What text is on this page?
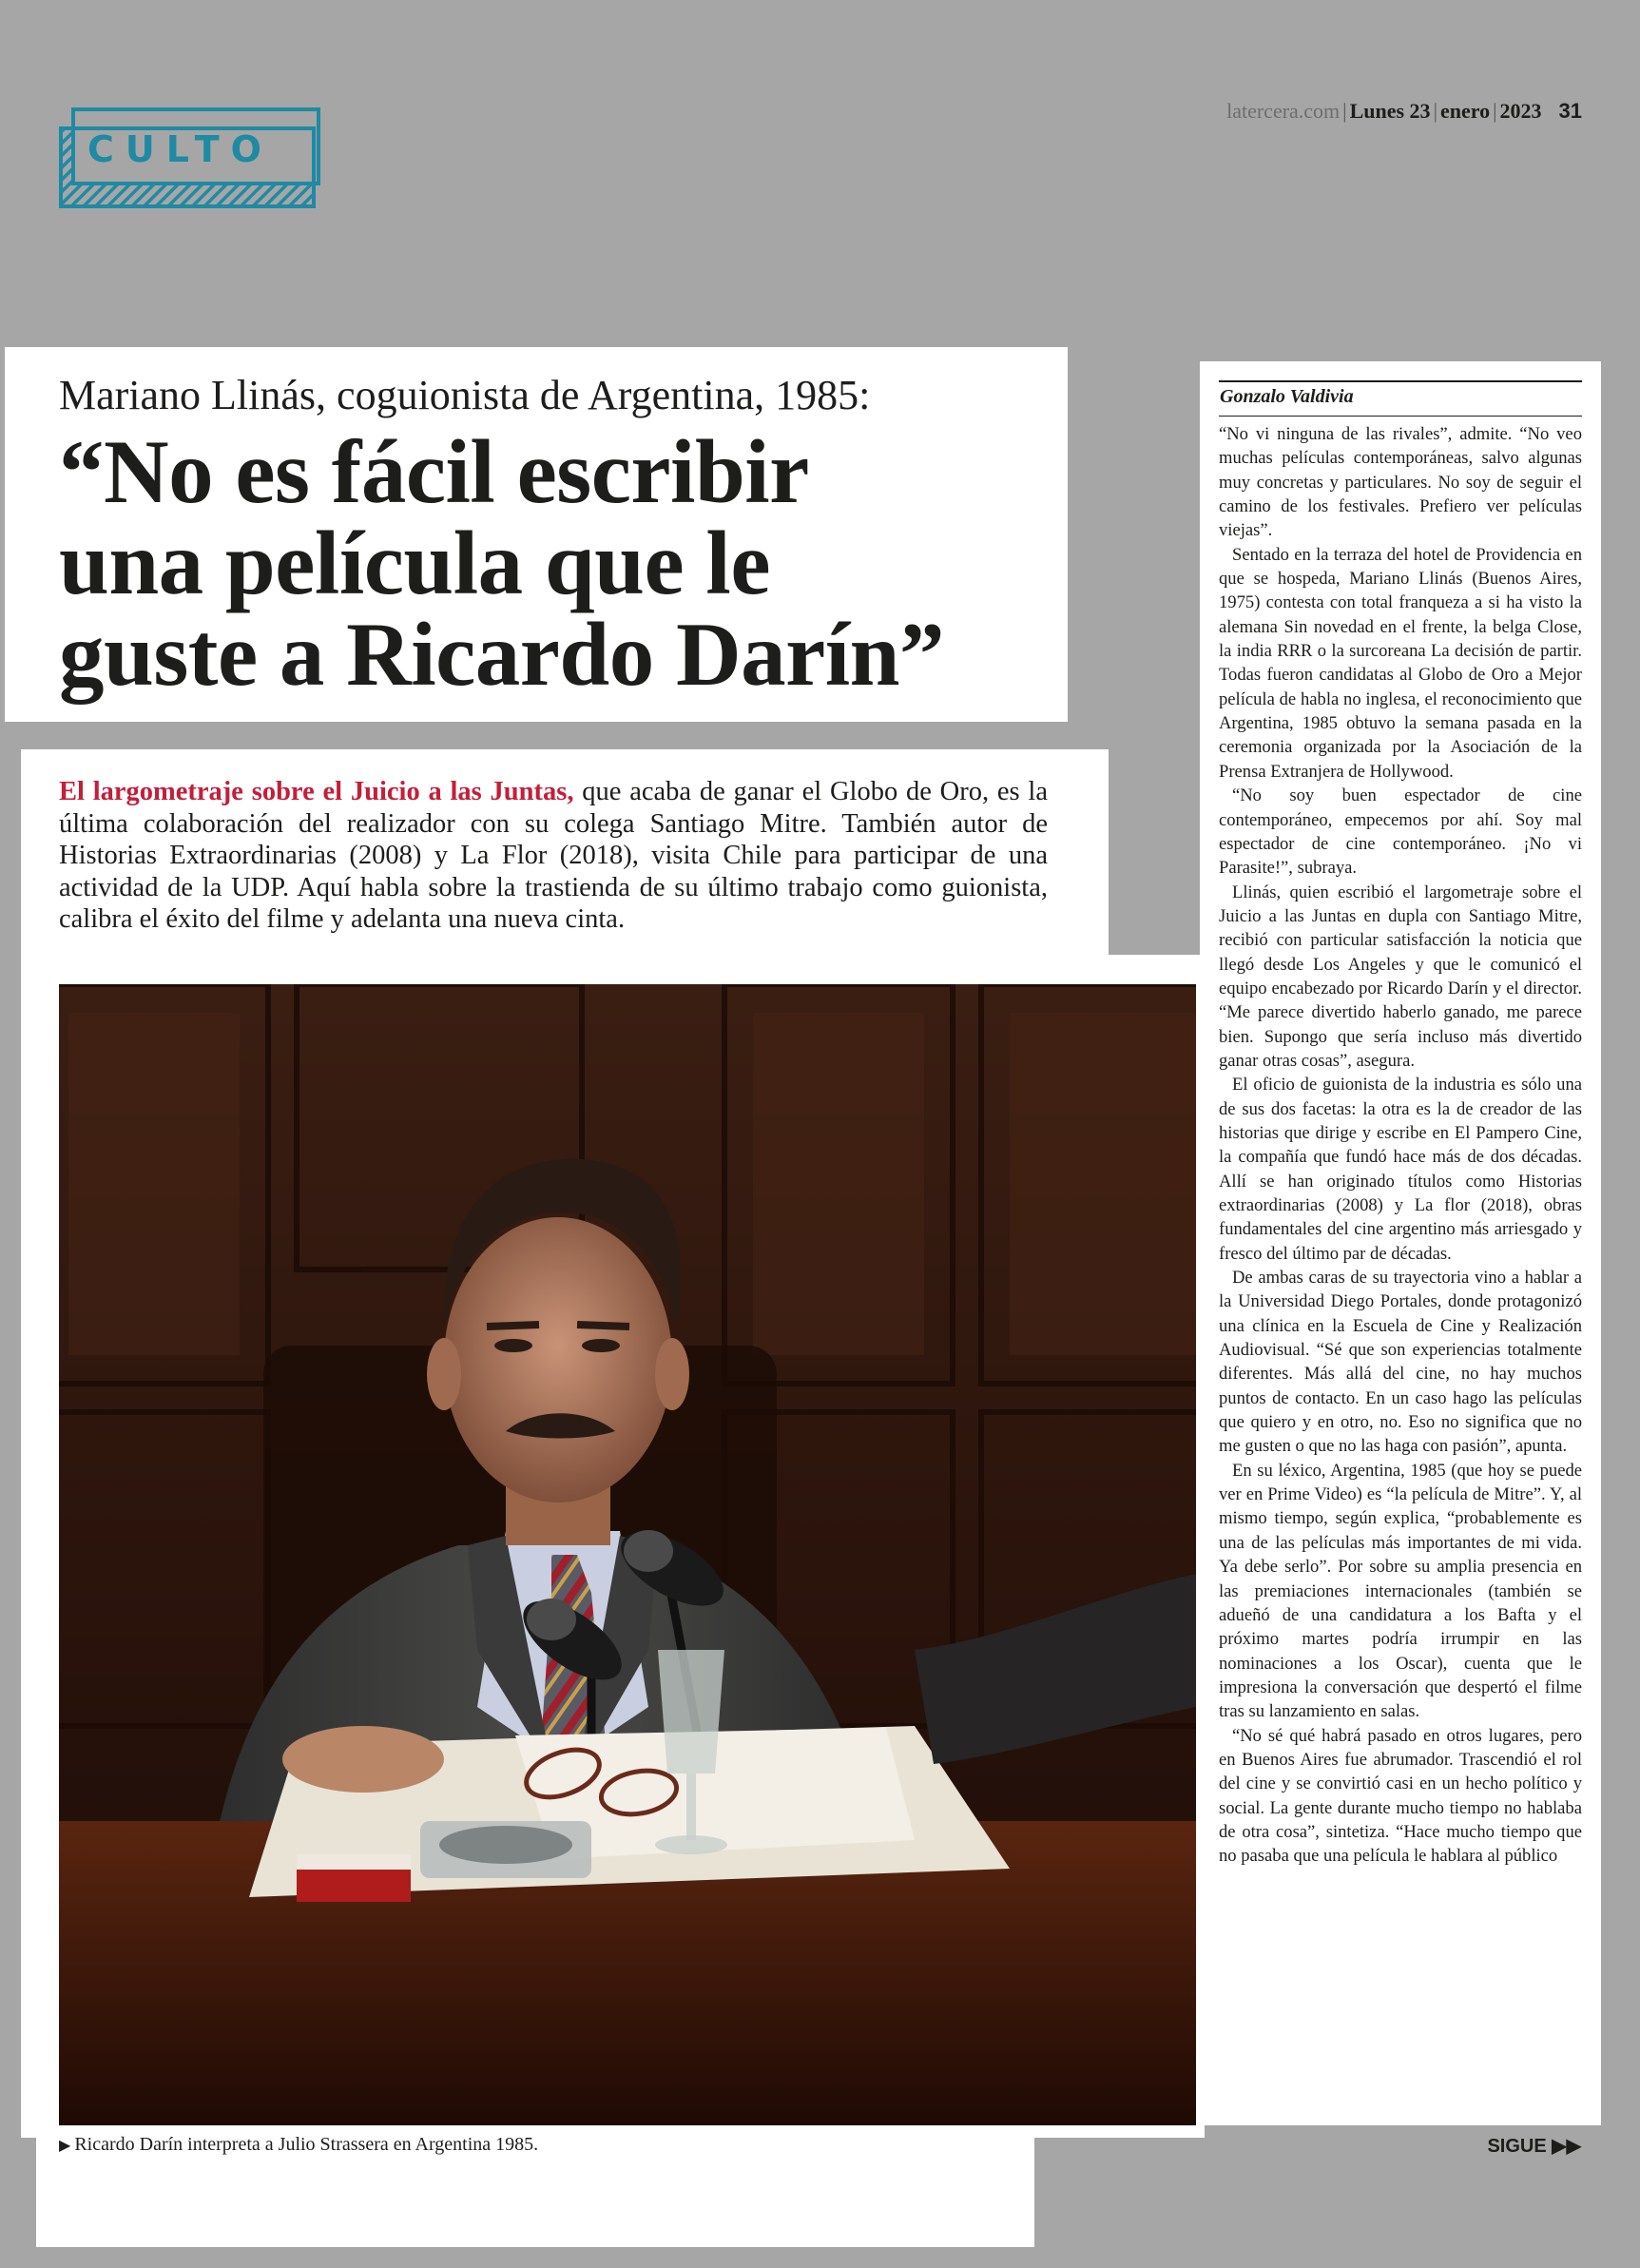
CULTO
latercera.com | Lunes 23 | enero | 2023 31
Mariano Llinás, coguionista de Argentina, 1985:
“No es fácil escribir
una película que le
guste a Ricardo Darín”

El largometraje sobre el Juicio a las Juntas, que acaba de ganar el Globo de Oro, es la última colaboración del realizador con su colega Santiago Mitre. También autor de Historias Extraordinarias (2008) y La Flor (2018), visita Chile para participar de una actividad de la UDP. Aquí habla sobre la trastienda de su último trabajo como guionista, calibra el éxito del filme y adelanta una nueva cinta.

▶ Ricardo Darín interpreta a Julio Strassera en Argentina 1985.
Gonzalo Valdivia

“No vi ninguna de las rivales”, admite. “No veo muchas películas contemporáneas, salvo algunas muy concretas y particulares. No soy de seguir el camino de los festivales. Prefiero ver películas viejas”.

Sentado en la terraza del hotel de Providencia en que se hospeda, Mariano Llinás (Buenos Aires, 1975) contesta con total franqueza a si ha visto la alemana Sin novedad en el frente, la belga Close, la india RRR o la surcoreana La decisión de partir. Todas fueron candidatas al Globo de Oro a Mejor película de habla no inglesa, el reconocimiento que Argentina, 1985 obtuvo la semana pasada en la ceremonia organizada por la Asociación de la Prensa Extranjera de Hollywood.

“No soy buen espectador de cine contemporáneo, empecemos por ahí. Soy mal espectador de cine contemporáneo. ¡No vi Parasite!”, subraya.

Llinás, quien escribió el largometraje sobre el Juicio a las Juntas en dupla con Santiago Mitre, recibió con particular satisfacción la noticia que llegó desde Los Angeles y que le comunicó el equipo encabezado por Ricardo Darín y el director. “Me parece divertido haberlo ganado, me parece bien. Supongo que sería incluso más divertido ganar otras cosas”, asegura.

El oficio de guionista de la industria es sólo una de sus dos facetas: la otra es la de creador de las historias que dirige y escribe en El Pampero Cine, la compañía que fundó hace más de dos décadas. Allí se han originado títulos como Historias extraordinarias (2008) y La flor (2018), obras fundamentales del cine argentino más arriesgado y fresco del último par de décadas.

De ambas caras de su trayectoria vino a hablar a la Universidad Diego Portales, donde protagonizó una clínica en la Escuela de Cine y Realización Audiovisual. “Sé que son experiencias totalmente diferentes. Más allá del cine, no hay muchos puntos de contacto. En un caso hago las películas que quiero y en otro, no. Eso no significa que no me gusten o que no las haga con pasión”, apunta.

En su léxico, Argentina, 1985 (que hoy se puede ver en Prime Video) es “la película de Mitre”. Y, al mismo tiempo, según explica, “probablemente es una de las películas más importantes de mi vida. Ya debe serlo”. Por sobre su amplia presencia en las premiaciones internacionales (también se adueñó de una candidatura a los Bafta y el próximo martes podría irrumpir en las nominaciones a los Oscar), cuenta que le impresiona la conversación que despertó el filme tras su lanzamiento en salas.

“No sé qué habrá pasado en otros lugares, pero en Buenos Aires fue abrumador. Trascendió el rol del cine y se convirtió casi en un hecho político y social. La gente durante mucho tiempo no hablaba de otra cosa”, sintetiza. “Hace mucho tiempo que no pasaba que una película le hablara al público

SIGUE ▶▶
